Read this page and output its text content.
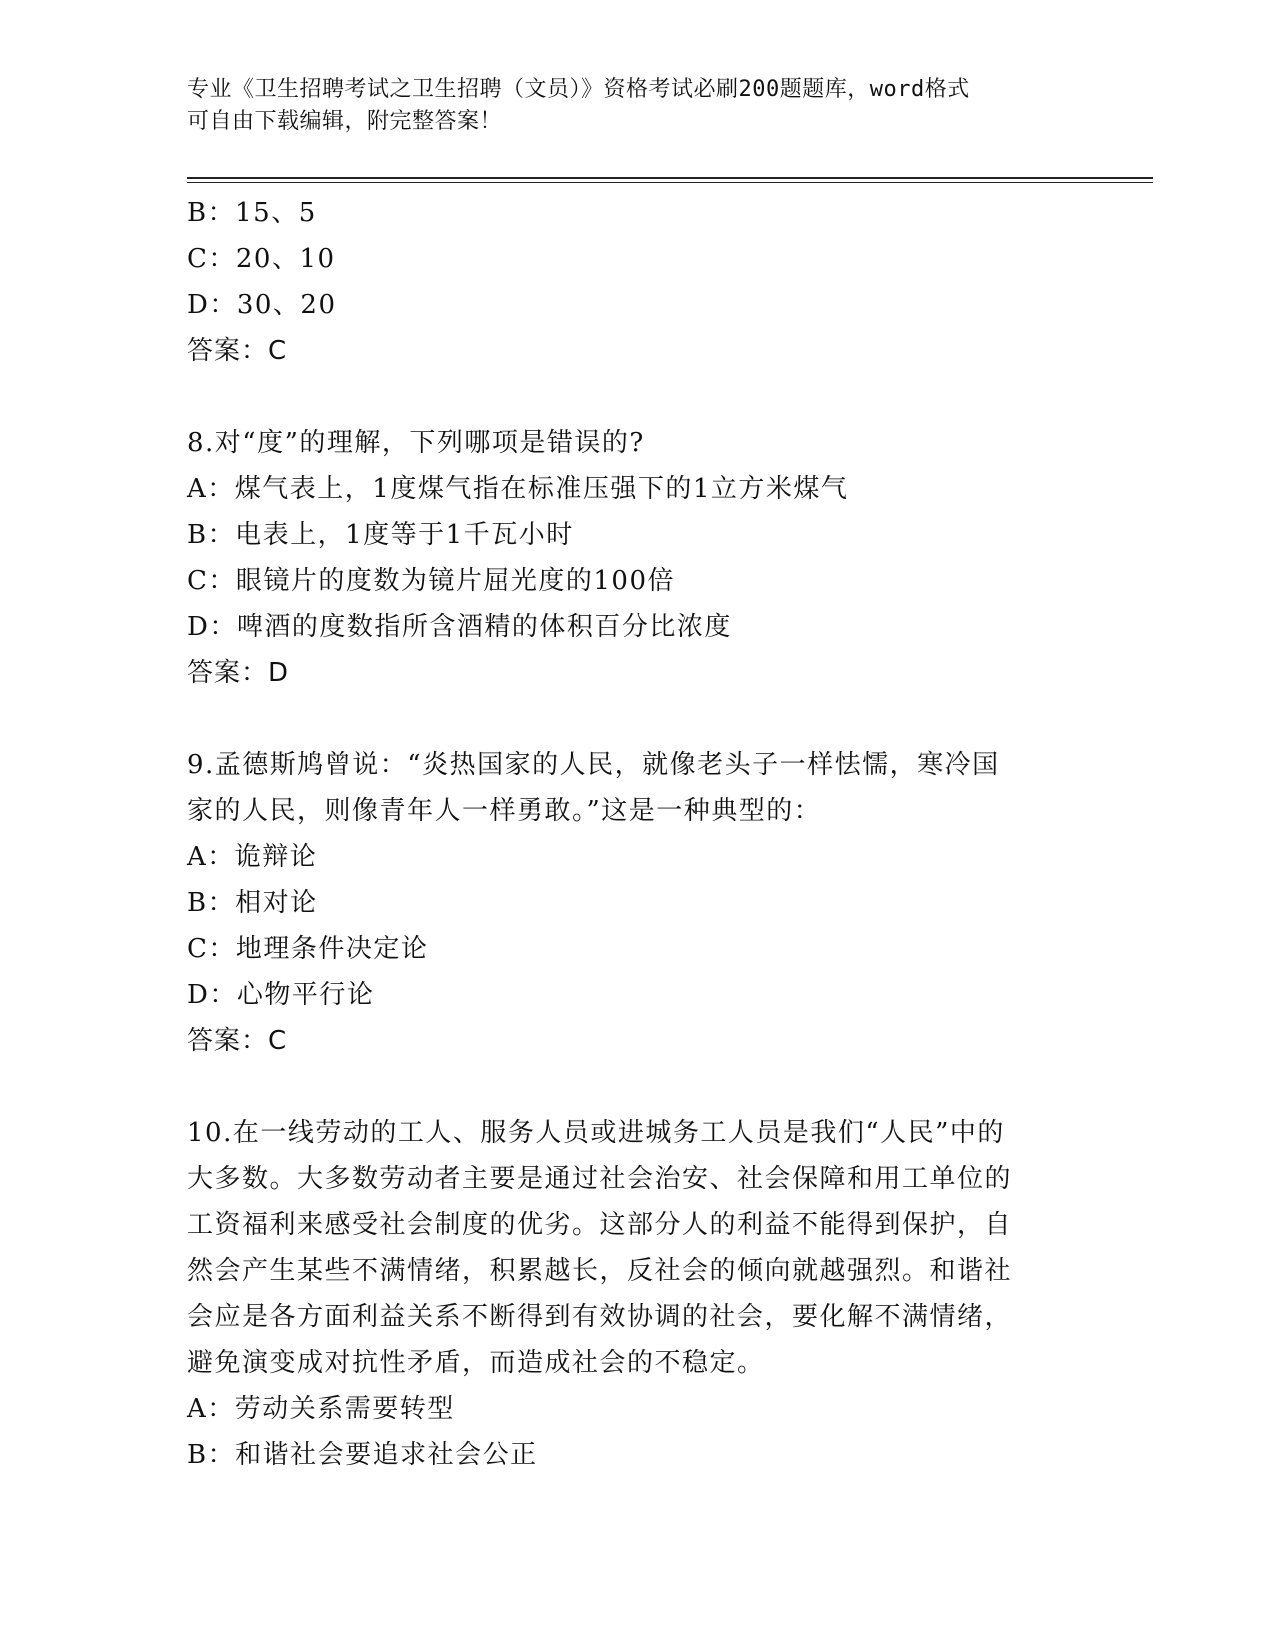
专业《卫生招聘考试之卫生招聘（文员）》资格考试必刷200题题库，word格式
可自由下载编辑，附完整答案！
B：15、5
C：20、10
D：30、20
答案：C
8.对“度”的理解，下列哪项是错误的?
A：煤气表上，1度煤气指在标准压强下的1立方米煤气
B：电表上，1度等于1千瓦小时
C：眼镜片的度数为镜片屈光度的100倍
D：啤酒的度数指所含酒精的体积百分比浓度
答案：D
9.孟德斯鸠曾说：“炎热国家的人民，就像老头子一样怯懦，寒冷国
家的人民，则像青年人一样勇敢。”这是一种典型的：
A：诡辩论
B：相对论
C：地理条件决定论
D：心物平行论
答案：C
10.在一线劳动的工人、服务人员或进城务工人员是我们“人民”中的
大多数。大多数劳动者主要是通过社会治安、社会保障和用工单位的
工资福利来感受社会制度的优劣。这部分人的利益不能得到保护，自
然会产生某些不满情绪，积累越长，反社会的倾向就越强烈。和谐社
会应是各方面利益关系不断得到有效协调的社会，要化解不满情绪，
避免演变成对抗性矛盾，而造成社会的不稳定。
A：劳动关系需要转型
B：和谐社会要追求社会公正
